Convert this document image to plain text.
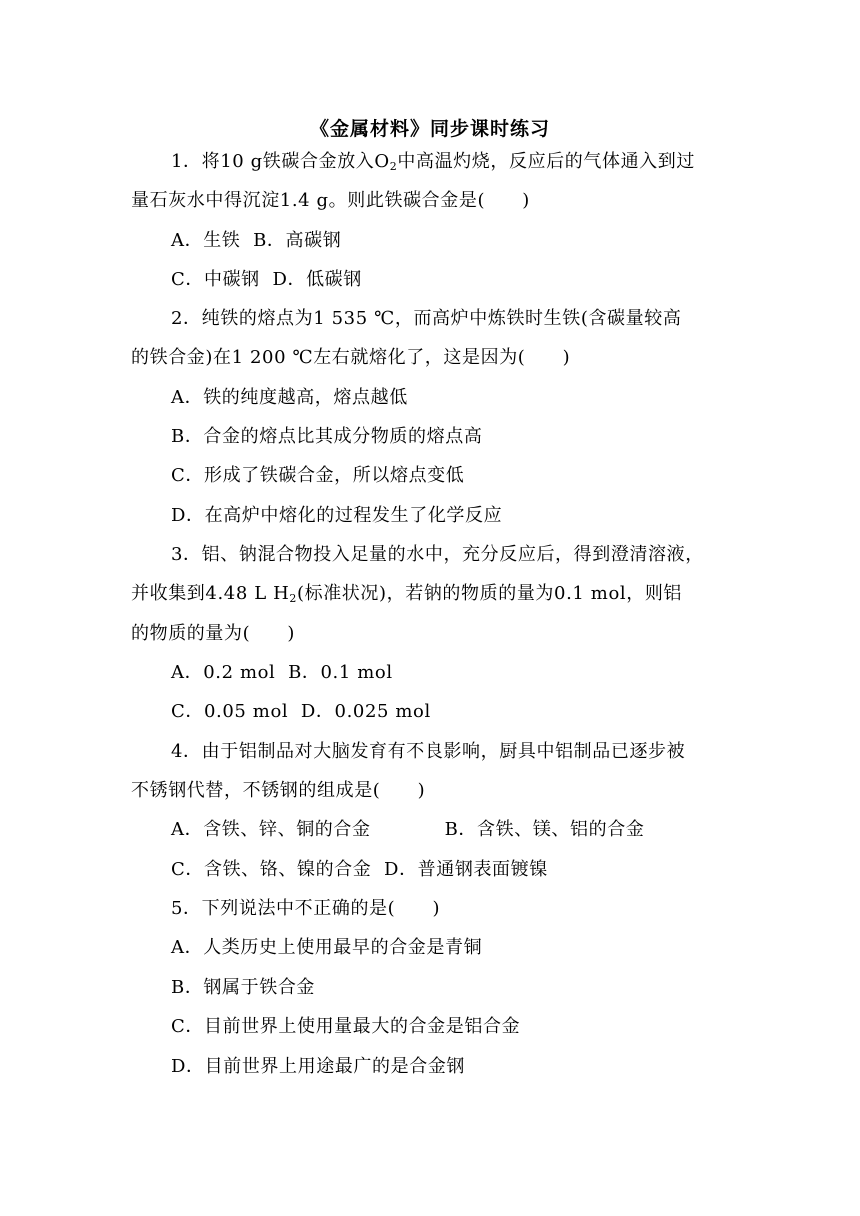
《金属材料》同步课时练习
1．将10 g铁碳合金放入$O_2$中高温灼烧，反应后的气体通入到过
量石灰水中得沉淀1.4 g。则此铁碳合金是(　　)
A．生铁 B．高碳钢
C．中碳钢 D．低碳钢
2．纯铁的熔点为1 535 ℃，而高炉中炼铁时生铁(含碳量较高
的铁合金)在1 200 ℃左右就熔化了，这是因为(　　)
A．铁的纯度越高，熔点越低
B．合金的熔点比其成分物质的熔点高
C．形成了铁碳合金，所以熔点变低
D．在高炉中熔化的过程发生了化学反应
3．铝、钠混合物投入足量的水中，充分反应后，得到澄清溶液，
并收集到4.48 L $H_2$(标准状况)，若钠的物质的量为0.1 mol，则铝
的物质的量为(　　)
A．0.2 mol B．0.1 mol
C．0.05 mol D．0.025 mol
4．由于铝制品对大脑发育有不良影响，厨具中铝制品已逐步被
不锈钢代替，不锈钢的组成是(　　)
A．含铁、锌、铜的合金	B．含铁、镁、铝的合金
C．含铁、铬、镍的合金 D．普通钢表面镀镍
5．下列说法中不正确的是(　　)
A．人类历史上使用最早的合金是青铜
B．钢属于铁合金
C．目前世界上使用量最大的合金是铝合金
D．目前世界上用途最广的是合金钢
